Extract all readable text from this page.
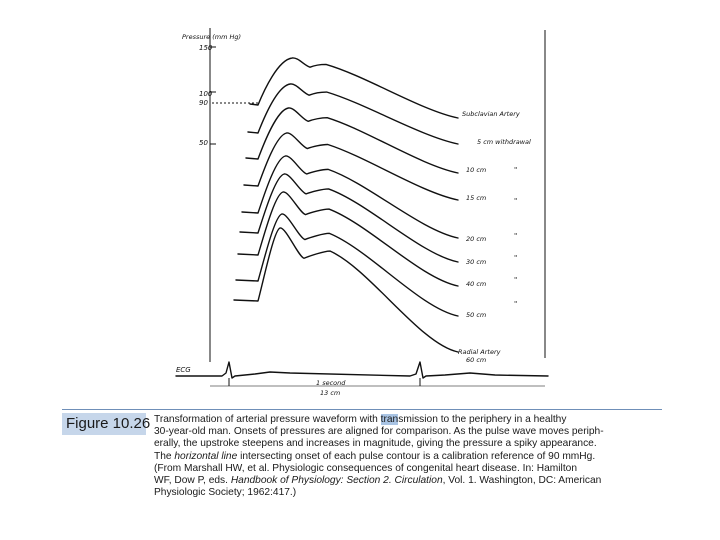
Pressure (mm Hg)
150
100
90
50
Subclavian Artery
5 cm withdrawal
10 cm
15 cm
20 cm
30 cm
40 cm
50 cm
Radial Artery
60 cm
"
"
"
"
"
"
ECG
1 second
13 cm
Figure 10.26 Transformation of arterial pressure waveform with transmission to the periphery in a healthy
30-year-old man. Onsets of pressures are aligned for comparison. As the pulse wave moves periph-
erally, the upstroke steepens and increases in magnitude, giving the pressure a spiky appearance.
The horizontal line intersecting onset of each pulse contour is a calibration reference of 90 mmHg.
(From Marshall HW, et al. Physiologic consequences of congenital heart disease. In: Hamilton
WF, Dow P, eds. Handbook of Physiology: Section 2. Circulation, Vol. 1. Washington, DC: American
Physiologic Society; 1962:417.)
